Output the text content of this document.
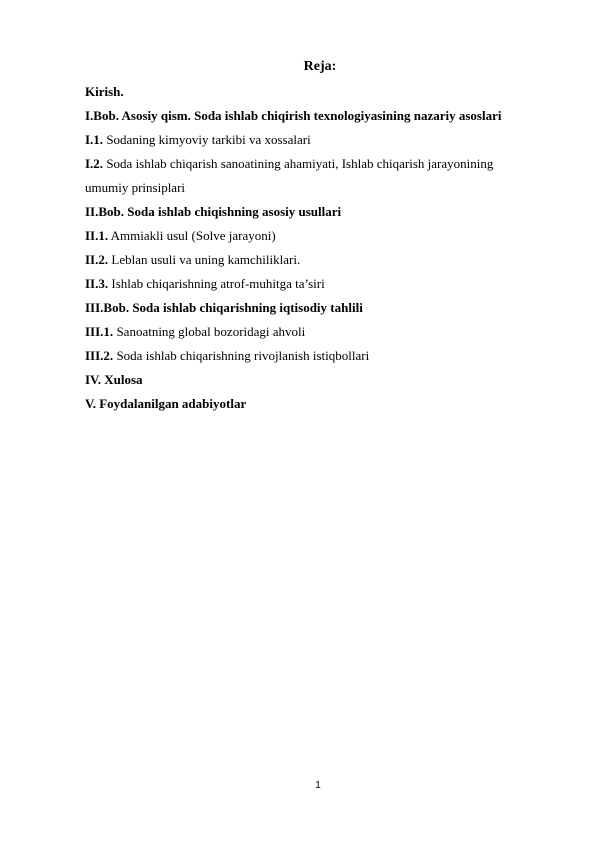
Reja:
Kirish.
I.Bob. Asosiy qism. Soda ishlab chiqirish texnologiyasining nazariy asoslari
I.1. Sodaning kimyoviy tarkibi va xossalari
I.2. Soda ishlab chiqarish sanoatining ahamiyati, Ishlab chiqarish jarayonining
umumiy prinsiplari
II.Bob. Soda ishlab chiqishning asosiy usullari
II.1. Ammiakli usul (Solve jarayoni)
II.2. Leblan usuli va uning kamchiliklari.
II.3. Ishlab chiqarishning atrof-muhitga ta’siri
III.Bob. Soda ishlab chiqarishning iqtisodiy tahlili
III.1. Sanoatning global bozoridagi ahvoli
III.2. Soda ishlab chiqarishning rivojlanish istiqbollari
IV. Xulosa
V. Foydalanilgan adabiyotlar
1
